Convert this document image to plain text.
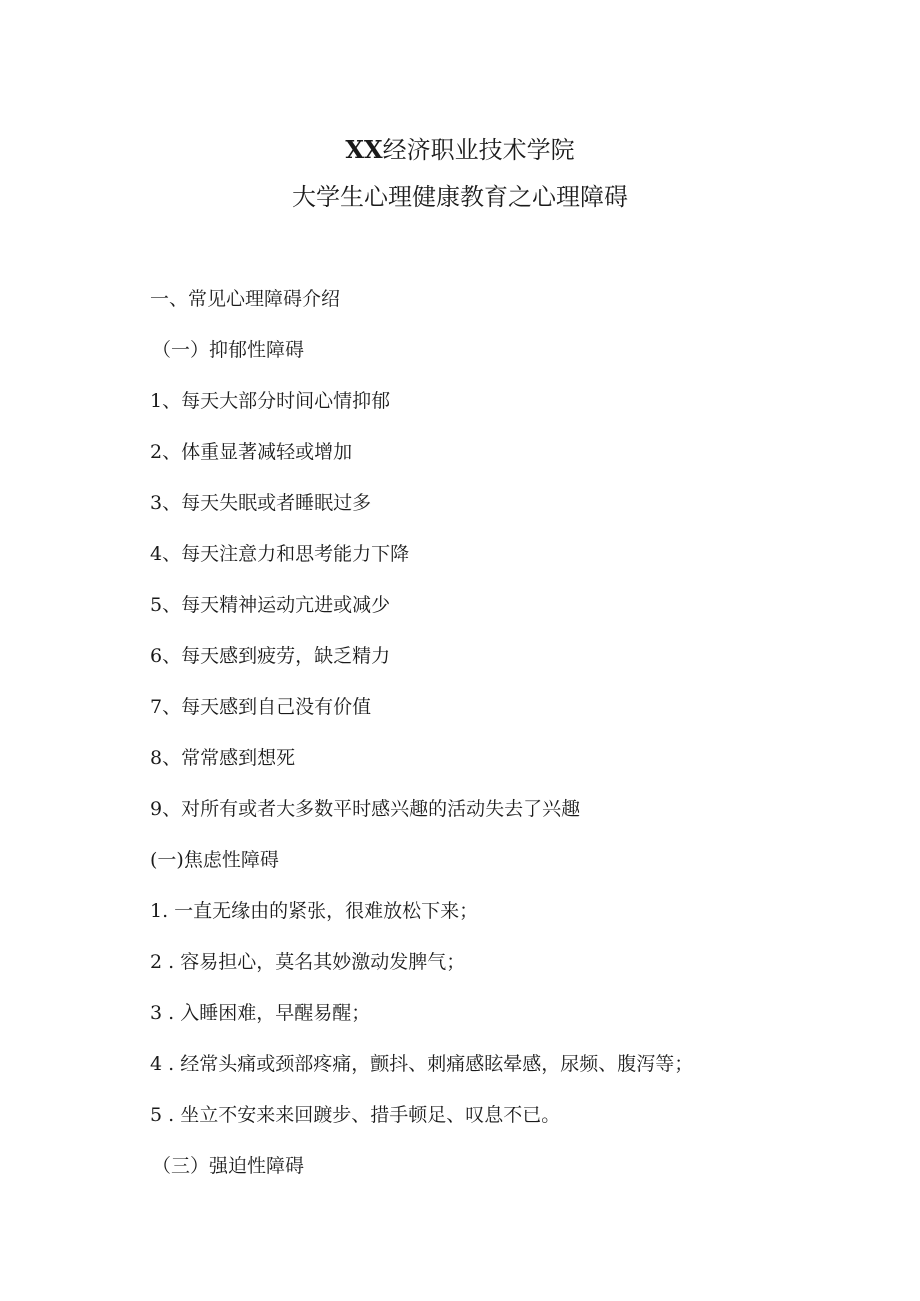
XX经济职业技术学院
大学生心理健康教育之心理障碍
一、常见心理障碍介绍
（一）抑郁性障碍
1、每天大部分时间心情抑郁
2、体重显著减轻或增加
3、每天失眠或者睡眠过多
4、每天注意力和思考能力下降
5、每天精神运动亢进或减少
6、每天感到疲劳，缺乏精力
7、每天感到自己没有价值
8、常常感到想死
9、对所有或者大多数平时感兴趣的活动失去了兴趣
(一)焦虑性障碍
1. 一直无缘由的紧张，很难放松下来；
2 . 容易担心，莫名其妙激动发脾气；
3 . 入睡困难，早醒易醒；
4 . 经常头痛或颈部疼痛，颤抖、刺痛感眩晕感，尿频、腹泻等；
5 . 坐立不安来来回踱步、措手顿足、叹息不已。
（三）强迫性障碍
